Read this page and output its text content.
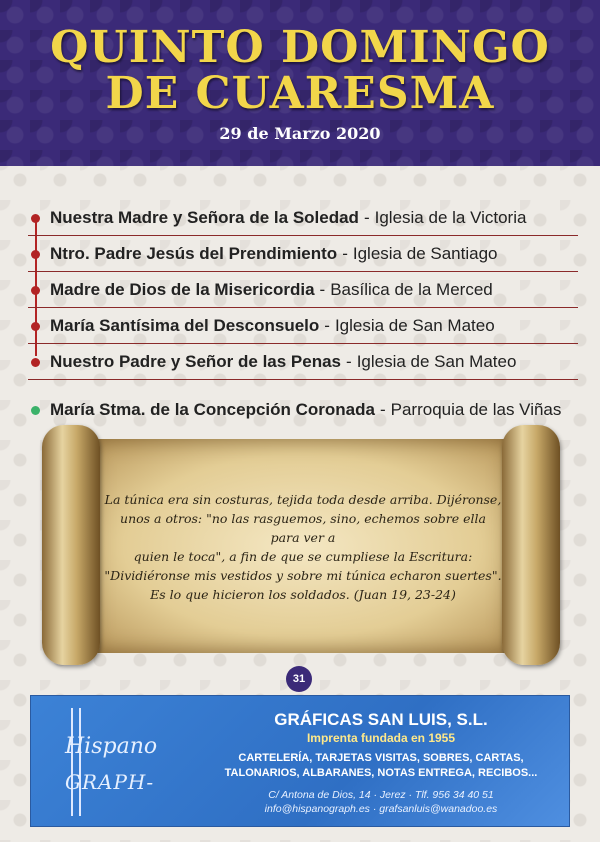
QUINTO DOMINGO
DE CUARESMA
29 de Marzo 2020
Nuestra Madre y Señora de la Soledad - Iglesia de la Victoria
Ntro. Padre Jesús del Prendimiento - Iglesia de Santiago
Madre de Dios de la Misericordia - Basílica de la Merced
María Santísima del Desconsuelo - Iglesia de San Mateo
Nuestro Padre y Señor de las Penas - Iglesia de San Mateo
María Stma. de la Concepción Coronada - Parroquia de las Viñas
La túnica era sin costuras, tejida toda desde arriba. Dijéronse,
unos a otros: "no las rasguemos, sino, echemos sobre ella para ver a
quien le toca", a fin de que se cumpliese la Escritura:
"Dividiéronse mis vestidos y sobre mi túnica echaron suertes".
Es lo que hicieron los soldados. (Juan 19, 23-24)
31
Hispano
GRAPH-
GRÁFICAS SAN LUIS, S.L.
Imprenta fundada en 1955
CARTELERÍA, TARJETAS VISITAS, SOBRES, CARTAS,
TALONARIOS, ALBARANES, NOTAS ENTREGA, RECIBOS...
C/ Antona de Dios, 14 · Jerez · Tlf. 956 34 40 51
info@hispanograph.es · grafsanluis@wanadoo.es
